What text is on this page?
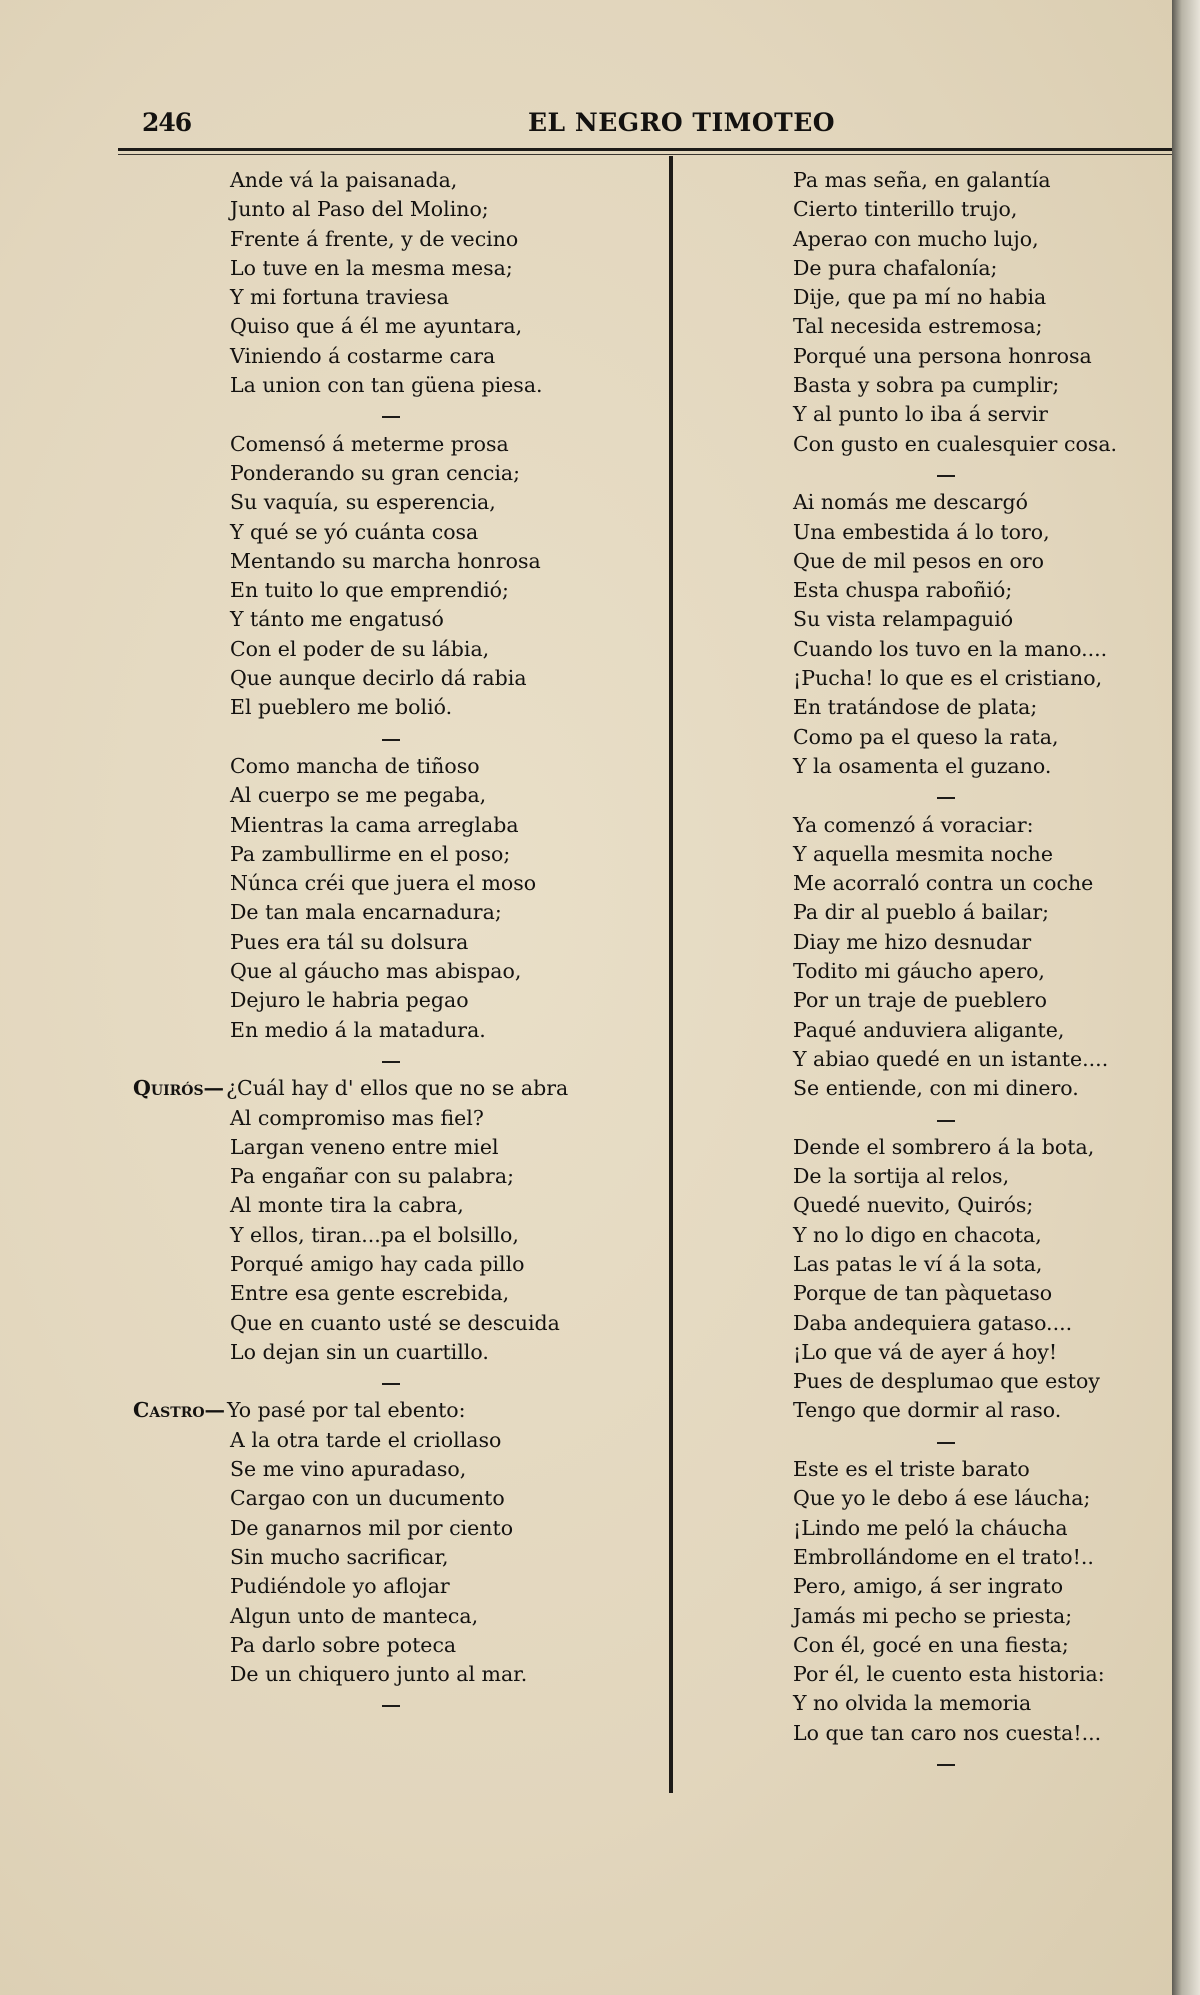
246	EL NEGRO TIMOTEO
Ande vá la paisanada,
Junto al Paso del Molino;
Frente á frente, y de vecino
Lo tuve en la mesma mesa;
Y mi fortuna traviesa
Quiso que á él me ayuntara,
Viniendo á costarme cara
La union con tan güena piesa.
Comensó á meterme prosa
Ponderando su gran cencia;
Su vaquía, su esperencia,
Y qué se yó cuánta cosa
Mentando su marcha honrosa
En tuito lo que emprendió;
Y tánto me engatusó
Con el poder de su lábia,
Que aunque decirlo dá rabia
El pueblero me bolió.
Como mancha de tiñoso
Al cuerpo se me pegaba,
Mientras la cama arreglaba
Pa zambullirme en el poso;
Núnca créi que juera el moso
De tan mala encarnadura;
Pues era tál su dolsura
Que al gáucho mas abispao,
Dejuro le habria pegao
En medio á la matadura.
Quirós—¿Cuál hay d' ellos que no se abra
Al compromiso mas fiel?
Largan veneno entre miel
Pa engañar con su palabra;
Al monte tira la cabra,
Y ellos, tiran...pa el bolsillo,
Porqué amigo hay cada pillo
Entre esa gente escrebida,
Que en cuanto usté se descuida
Lo dejan sin un cuartillo.
Castro—Yo pasé por tal ebento:
A la otra tarde el criollaso
Se me vino apuradaso,
Cargao con un ducumento
De ganarnos mil por ciento
Sin mucho sacrificar,
Pudiéndole yo aflojar
Algun unto de manteca,
Pa darlo sobre poteca
De un chiquero junto al mar.
Pa mas seña, en galantía
Cierto tinterillo trujo,
Aperao con mucho lujo,
De pura chafalonía;
Dije, que pa mí no habia
Tal necesida estremosa;
Porqué una persona honrosa
Basta y sobra pa cumplir;
Y al punto lo iba á servir
Con gusto en cualesquier cosa.
Ai nomás me descargó
Una embestida á lo toro,
Que de mil pesos en oro
Esta chuspa raboñió;
Su vista relampaguió
Cuando los tuvo en la mano....
¡Pucha! lo que es el cristiano,
En tratándose de plata;
Como pa el queso la rata,
Y la osamenta el guzano.
Ya comenzó á voraciar:
Y aquella mesmita noche
Me acorraló contra un coche
Pa dir al pueblo á bailar;
Diay me hizo desnudar
Todito mi gáucho apero,
Por un traje de pueblero
Paqué anduviera aligante,
Y abiao quedé en un istante....
Se entiende, con mi dinero.
Dende el sombrero á la bota,
De la sortija al relos,
Quedé nuevito, Quirós;
Y no lo digo en chacota,
Las patas le ví á la sota,
Porque de tan pàquetaso
Daba andequiera gataso....
¡Lo que vá de ayer á hoy!
Pues de desplumao que estoy
Tengo que dormir al raso.
Este es el triste barato
Que yo le debo á ese láucha;
¡Lindo me peló la cháucha
Embrollándome en el trato!..
Pero, amigo, á ser ingrato
Jamás mi pecho se priesta;
Con él, gocé en una fiesta;
Por él, le cuento esta historia:
Y no olvida la memoria
Lo que tan caro nos cuesta!...
